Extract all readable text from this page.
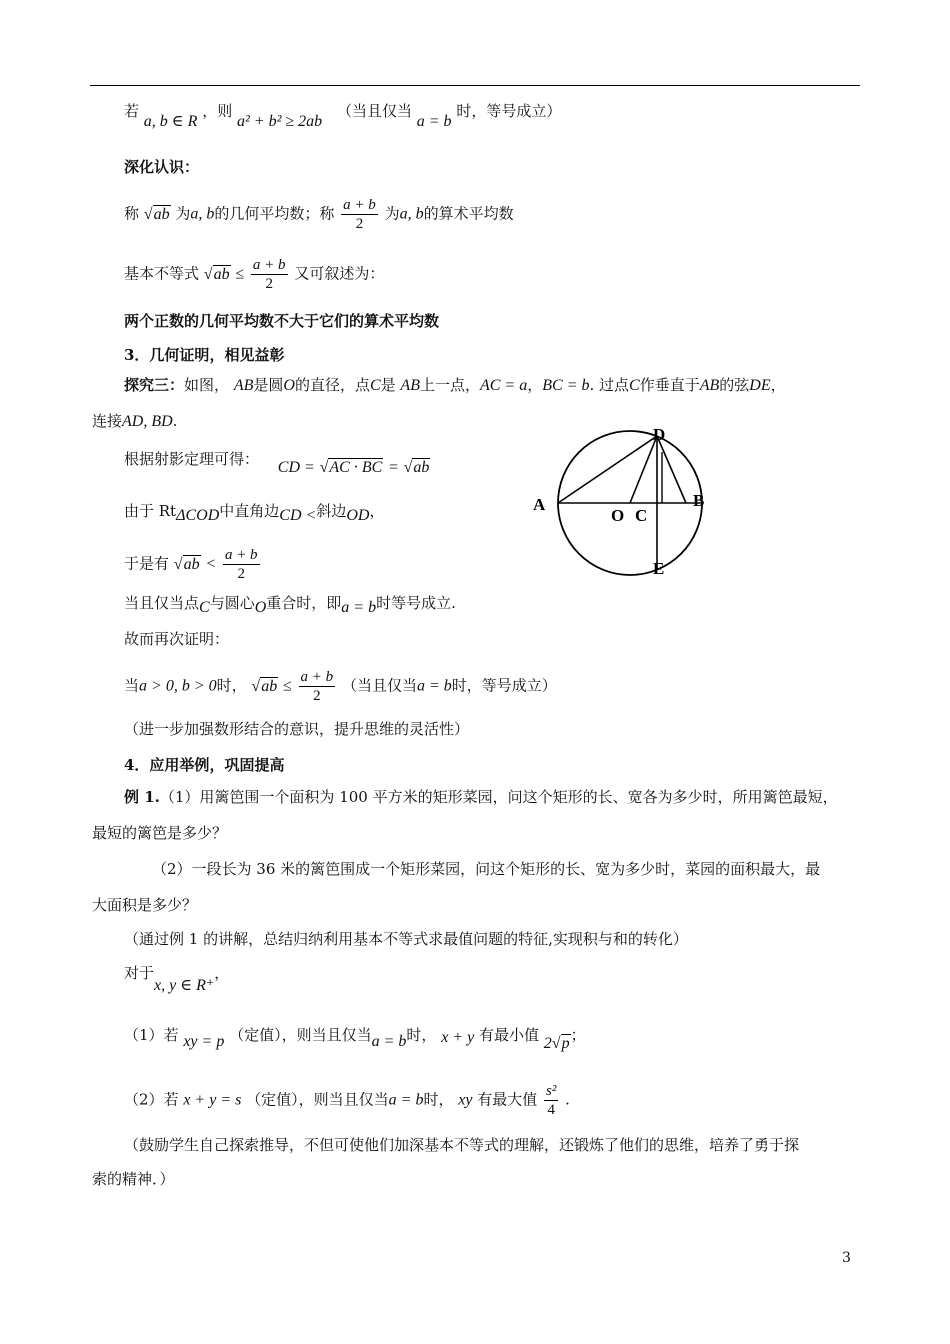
若 a, b ∈ R ，则 a² + b² ≥ 2ab （当且仅当 a = b 时，等号成立）
深化认识：
称 √ab 为a, b的几何平均数；称 $\frac{a + b}{2}$ 为a, b的算术平均数
基本不等式 $√ab \le \frac{a + b}{2}$ 又可叙述为：
两个正数的几何平均数不大于它们的算术平均数
3．几何证明，相见益彰
探究三：如图， AB是圆O的直径，点C是 AB上一点，AC = a，BC = b. 过点C作垂直于AB的弦DE，
连接AD, BD.
根据射影定理可得： CD = √AC · BC = √ab
由于 RtΔCOD中直角边CD <斜边OD，
于是有 $√ab < \frac{a + b}{2}$
当且仅当点C与圆心O重合时，即a = b时等号成立.
故而再次证明：
当a > 0, b > 0时， $√ab \le \frac{a + b}{2}$ （当且仅当a = b时，等号成立）
（进一步加强数形结合的意识，提升思维的灵活性）
4．应用举例，巩固提高
例 1.（1）用篱笆围一个面积为 100 平方米的矩形菜园，问这个矩形的长、宽各为多少时，所用篱笆最短，
最短的篱笆是多少？
（2）一段长为 36 米的篱笆围成一个矩形菜园，问这个矩形的长、宽为多少时，菜园的面积最大，最
大面积是多少？
（通过例 1 的讲解，总结归纳利用基本不等式求最值问题的特征,实现积与和的转化）
对于x, y ∈ R⁺，
（1）若 xy = p （定值），则当且仅当a = b时， x + y 有最小值 2√p；
（2）若 x + y = s （定值），则当且仅当a = b时， xy 有最大值 $\frac{\text{s²}}{4}$ .
（鼓励学生自己探索推导，不但可使他们加深基本不等式的理解，还锻炼了他们的思维，培养了勇于探
索的精神．）
D
A	B
O C
E
3
